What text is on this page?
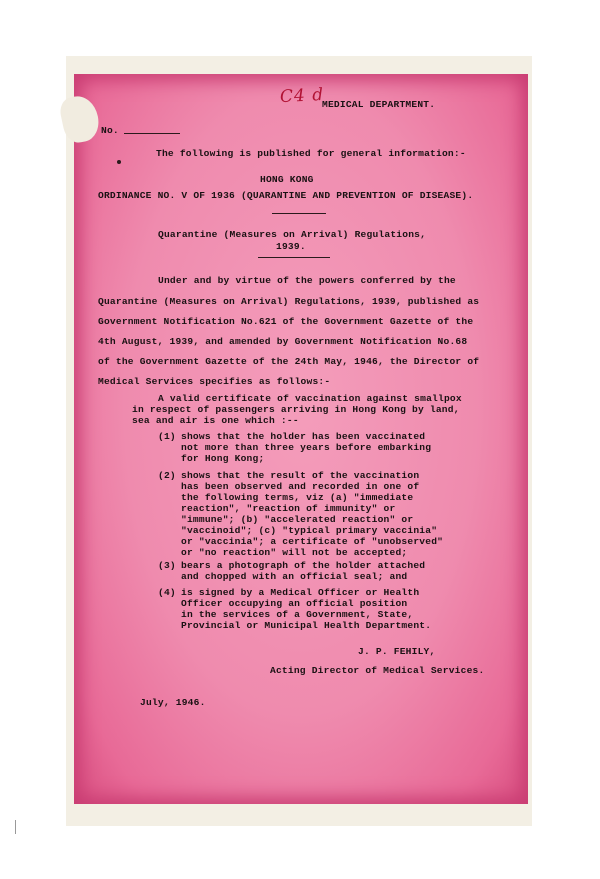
C4 d
MEDICAL DEPARTMENT.
No.
The following is published for general information:-
HONG KONG
ORDINANCE NO. V OF 1936 (QUARANTINE AND PREVENTION OF DISEASE).
Quarantine (Measures on Arrival) Regulations,
1939.
Under and by virtue of the powers conferred by the
Quarantine (Measures on Arrival) Regulations, 1939, published as
Government Notification No.621 of the Government Gazette of the
4th August, 1939, and amended by Government Notification No.68
of the Government Gazette of the 24th May, 1946, the Director of
Medical Services specifies as follows:-
A valid certificate of vaccination against smallpox
in respect of passengers arriving in Hong Kong by land,
sea and air is one which :--
(1) shows that the holder has been vaccinated
not more than three years before embarking
for Hong Kong;
(2) shows that the result of the vaccination
has been observed and recorded in one of
the following terms, viz (a) "immediate
reaction", "reaction of immunity" or
"immune"; (b) "accelerated reaction" or
"vaccinoid"; (c) "typical primary vaccinia"
or "vaccinia"; a certificate of "unobserved"
or "no reaction" will not be accepted;
(3) bears a photograph of the holder attached
and chopped with an official seal; and
(4) is signed by a Medical Officer or Health
Officer occupying an official position
in the services of a Government, State,
Provincial or Municipal Health Department.
J. P. FEHILY,
Acting Director of Medical Services.
July, 1946.
